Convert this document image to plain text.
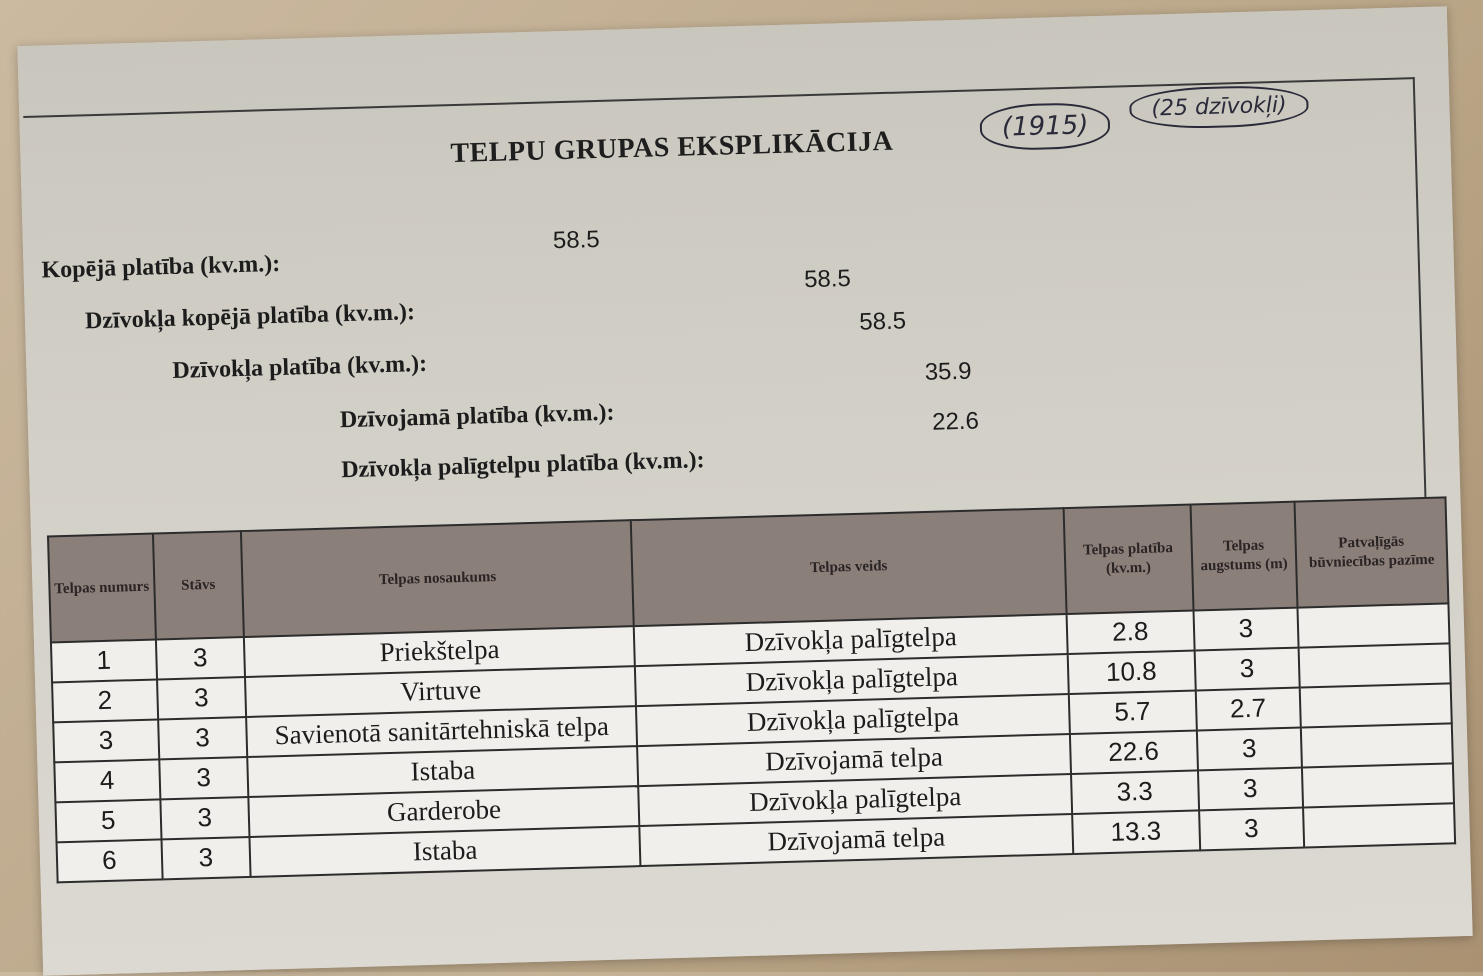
TELPU GRUPAS EKSPLIKĀCIJA	(1915)
(25 dzīvokļi)
Kopējā platība (kv.m.):
58.5
Dzīvokļa kopējā platība (kv.m.):
58.5
Dzīvokļa platība (kv.m.):
58.5
Dzīvojamā platība (kv.m.):
35.9
Dzīvokļa palīgtelpu platība (kv.m.):
22.6
Telpas numurs	Stāvs	Telpas nosaukums	Telpas veids	Telpas platība (kv.m.)	Telpas augstums (m)	Patvaļīgās būvniecības pazīme
1	3	Priekštelpa	Dzīvokļa palīgtelpa	2.8	3	
2	3	Virtuve	Dzīvokļa palīgtelpa	10.8	3	
3	3	Savienotā sanitārtehniskā telpa	Dzīvokļa palīgtelpa	5.7	2.7	
4	3	Istaba	Dzīvojamā telpa	22.6	3	
5	3	Garderobe	Dzīvokļa palīgtelpa	3.3	3	
6	3	Istaba	Dzīvojamā telpa	13.3	3	
